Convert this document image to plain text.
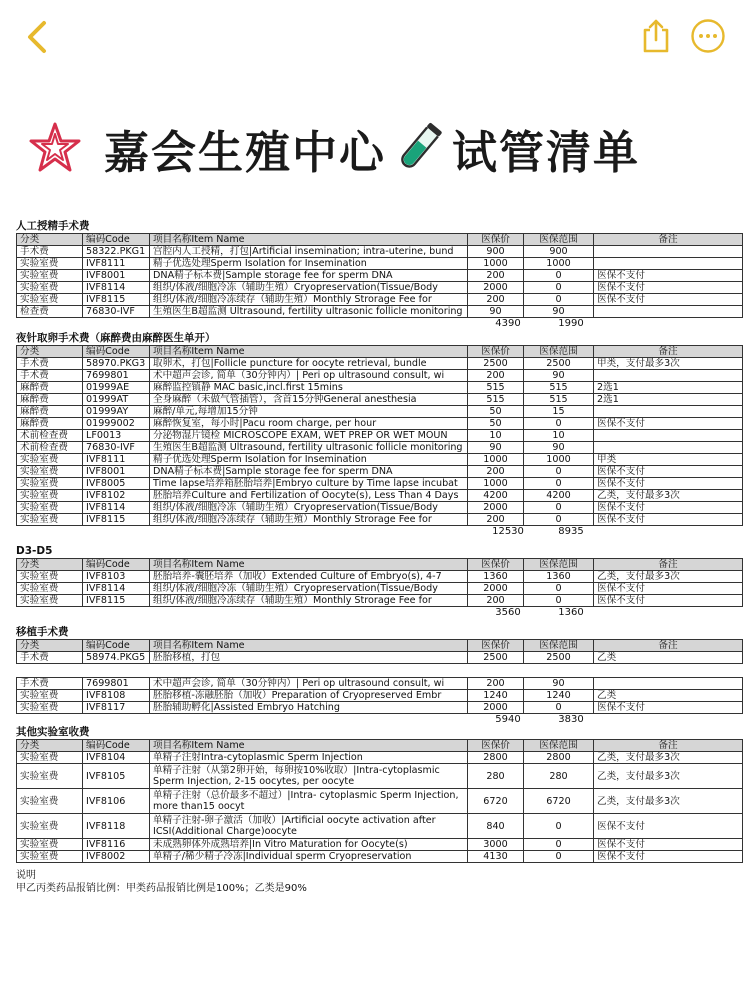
嘉会生殖中心 试管清单
人工授精手术费
分类	编码Code	项目名称Item Name	医保价	医保范围	备注
手术费	58322.PKG1	宫腔内人工授精，打包|Artificial insemination; intra-uterine, bund	900	900	
实验室费	IVF8111	精子优选处理Sperm Isolation for Insemination	1000	1000	
实验室费	IVF8001	DNA精子标本费|Sample storage fee for sperm DNA	200	0	医保不支付
实验室费	IVF8114	组织/体液/细胞冷冻（辅助生殖）Cryopreservation(Tissue/Body	2000	0	医保不支付
实验室费	IVF8115	组织/体液/细胞冷冻续存（辅助生殖）Monthly Strorage Fee for	200	0	医保不支付
检查费	76830-IVF	生殖医生B超监测 Ultrasound, fertility ultrasonic follicle monitoring	90	90	
4390	1990
夜针取卵手术费（麻醉费由麻醉医生单开）
分类	编码Code	项目名称Item Name	医保价	医保范围	备注
手术费	58970.PKG3	取卵术，打包|Follicle puncture for oocyte retrieval, bundle	2500	2500	甲类，支付最多3次
手术费	7699801	术中超声会诊, 简单（30分钟内）| Peri op ultrasound consult, wi	200	90	
麻醉费	01999AE	麻醉监控镇静 MAC basic,incl.first 15mins	515	515	2选1
麻醉费	01999AT	全身麻醉（未做气管插管），含首15分钟General anesthesia	515	515	2选1
麻醉费	01999AY	麻醉/单元,每增加15分钟	50	15	
麻醉费	01999002	麻醉恢复室，每小时|Pacu room charge, per hour	50	0	医保不支付
术前检查费	LF0013	分泌物湿片镜检 MICROSCOPE EXAM, WET PREP OR WET MOUN	10	10	
术前检查费	76830-IVF	生殖医生B超监测 Ultrasound, fertility ultrasonic follicle monitoring	90	90	
实验室费	IVF8111	精子优选处理Sperm Isolation for Insemination	1000	1000	甲类
实验室费	IVF8001	DNA精子标本费|Sample storage fee for sperm DNA	200	0	医保不支付
实验室费	IVF8005	Time lapse培养箱胚胎培养|Embryo culture by Time lapse incubat	1000	0	医保不支付
实验室费	IVF8102	胚胎培养Culture and Fertilization of Oocyte(s), Less Than 4 Days	4200	4200	乙类，支付最多3次
实验室费	IVF8114	组织/体液/细胞冷冻（辅助生殖）Cryopreservation(Tissue/Body	2000	0	医保不支付
实验室费	IVF8115	组织/体液/细胞冷冻续存（辅助生殖）Monthly Strorage Fee for	200	0	医保不支付
12530	8935
D3-D5
分类	编码Code	项目名称Item Name	医保价	医保范围	备注
实验室费	IVF8103	胚胎培养-囊胚培养（加收）Extended Culture of Embryo(s), 4-7	1360	1360	乙类，支付最多3次
实验室费	IVF8114	组织/体液/细胞冷冻（辅助生殖）Cryopreservation(Tissue/Body	2000	0	医保不支付
实验室费	IVF8115	组织/体液/细胞冷冻续存（辅助生殖）Monthly Strorage Fee for	200	0	医保不支付
3560	1360
移植手术费
分类	编码Code	项目名称Item Name	医保价	医保范围	备注
手术费	58974.PKG5	胚胎移植，打包	2500	2500	乙类
手术费	7699801	术中超声会诊, 简单（30分钟内）| Peri op ultrasound consult, wi	200	90	
实验室费	IVF8108	胚胎移植-冻融胚胎（加收）Preparation of Cryopreserved Embr	1240	1240	乙类
实验室费	IVF8117	胚胎辅助孵化|Assisted Embryo Hatching	2000	0	医保不支付
5940	3830
其他实验室收费
分类	编码Code	项目名称Item Name	医保价	医保范围	备注
实验室费	IVF8104	单精子注射Intra-cytoplasmic Sperm Injection	2800	2800	乙类，支付最多3次
实验室费	IVF8105	单精子注射（从第2卵开始，每卵按10%收取）|Intra-cytoplasmic Sperm Injection, 2-15 oocytes, per oocyte	280	280	乙类，支付最多3次
实验室费	IVF8106	单精子注射（总价最多不超过）|Intra- cytoplasmic Sperm Injection, more than15 oocyt	6720	6720	乙类，支付最多3次
实验室费	IVF8118	单精子注射-卵子激活（加收）|Artificial oocyte activation after ICSI(Additional Charge)oocyte	840	0	医保不支付
实验室费	IVF8116	未成熟卵体外成熟培养|In Vitro Maturation for Oocyte(s)	3000	0	医保不支付
实验室费	IVF8002	单精子/稀少精子冷冻|Individual sperm Cryopreservation	4130	0	医保不支付
说明
甲乙丙类药品报销比例：甲类药品报销比例是100%；乙类是90%
